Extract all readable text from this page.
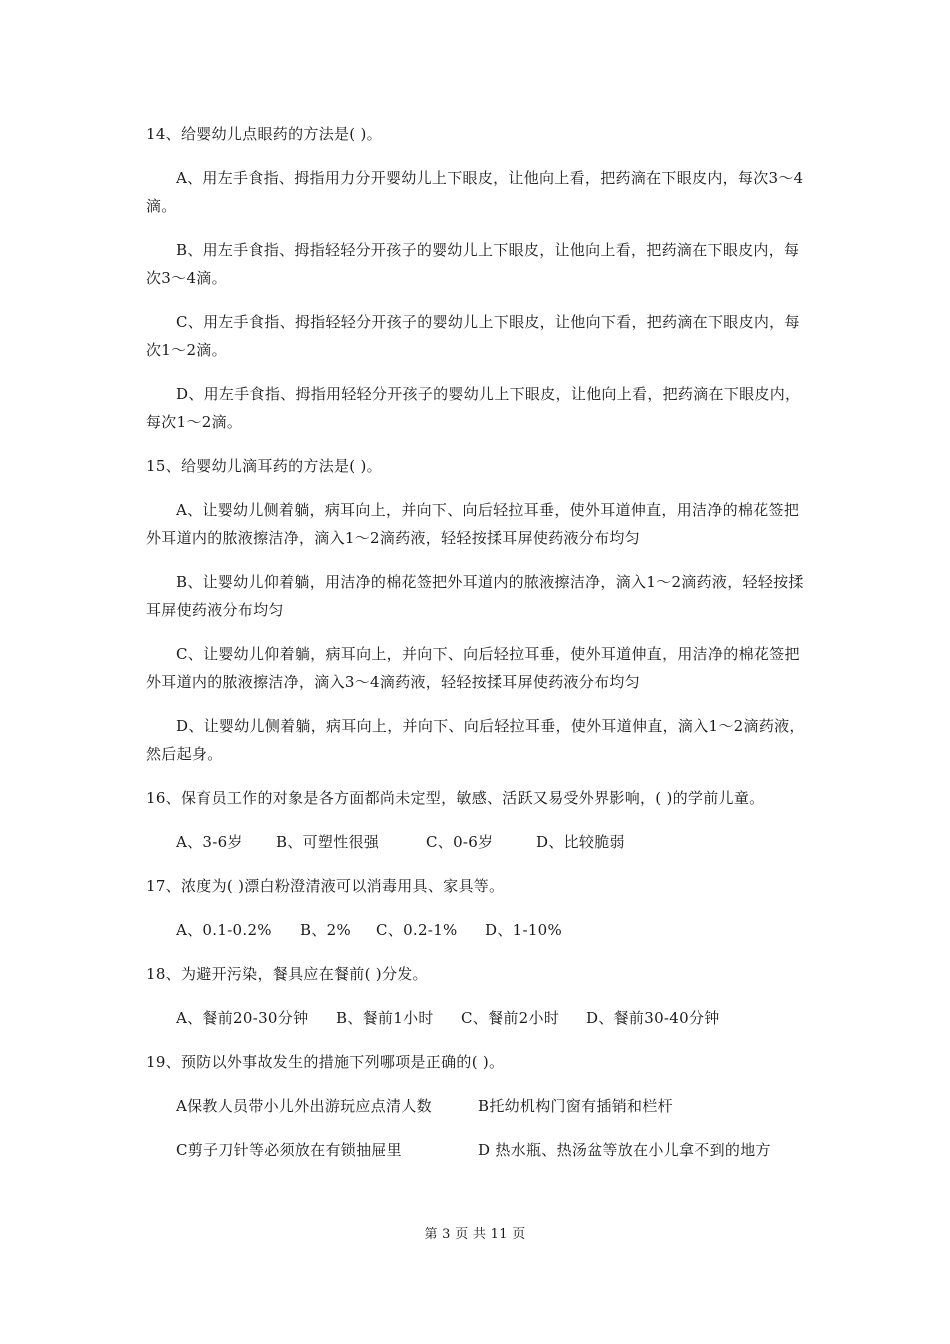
14、给婴幼儿点眼药的方法是( )。
A、用左手食指、拇指用力分开婴幼儿上下眼皮，让他向上看，把药滴在下眼皮内，每次3～4滴。
B、用左手食指、拇指轻轻分开孩子的婴幼儿上下眼皮，让他向上看，把药滴在下眼皮内，每次3～4滴。
C、用左手食指、拇指轻轻分开孩子的婴幼儿上下眼皮，让他向下看，把药滴在下眼皮内，每次1～2滴。
D、用左手食指、拇指用轻轻分开孩子的婴幼儿上下眼皮，让他向上看，把药滴在下眼皮内，每次1～2滴。
15、给婴幼儿滴耳药的方法是( )。
A、让婴幼儿侧着躺，病耳向上，并向下、向后轻拉耳垂，使外耳道伸直，用洁净的棉花签把外耳道内的脓液擦洁净，滴入1～2滴药液，轻轻按揉耳屏使药液分布均匀
B、让婴幼儿仰着躺，用洁净的棉花签把外耳道内的脓液擦洁净，滴入1～2滴药液，轻轻按揉耳屏使药液分布均匀
C、让婴幼儿仰着躺，病耳向上，并向下、向后轻拉耳垂，使外耳道伸直，用洁净的棉花签把外耳道内的脓液擦洁净，滴入3～4滴药液，轻轻按揉耳屏使药液分布均匀
D、让婴幼儿侧着躺，病耳向上，并向下、向后轻拉耳垂，使外耳道伸直，滴入1～2滴药液，然后起身。
16、保育员工作的对象是各方面都尚未定型，敏感、活跃又易受外界影响，( )的学前儿童。
A、3-6岁 B、可塑性很强	C、0-6岁	D、比较脆弱
17、浓度为( )漂白粉澄清液可以消毒用具、家具等。
A、0.1-0.2% B、2% C、0.2-1% D、1-10%
18、为避开污染，餐具应在餐前( )分发。
A、餐前20-30分钟 B、餐前1小时 C、餐前2小时 D、餐前30-40分钟
19、预防以外事故发生的措施下列哪项是正确的( )。
A保教人员带小儿外出游玩应点清人数	B托幼机构门窗有插销和栏杆
C剪子刀针等必须放在有锁抽屉里	D 热水瓶、热汤盆等放在小儿拿不到的地方
第 3 页 共 11 页
